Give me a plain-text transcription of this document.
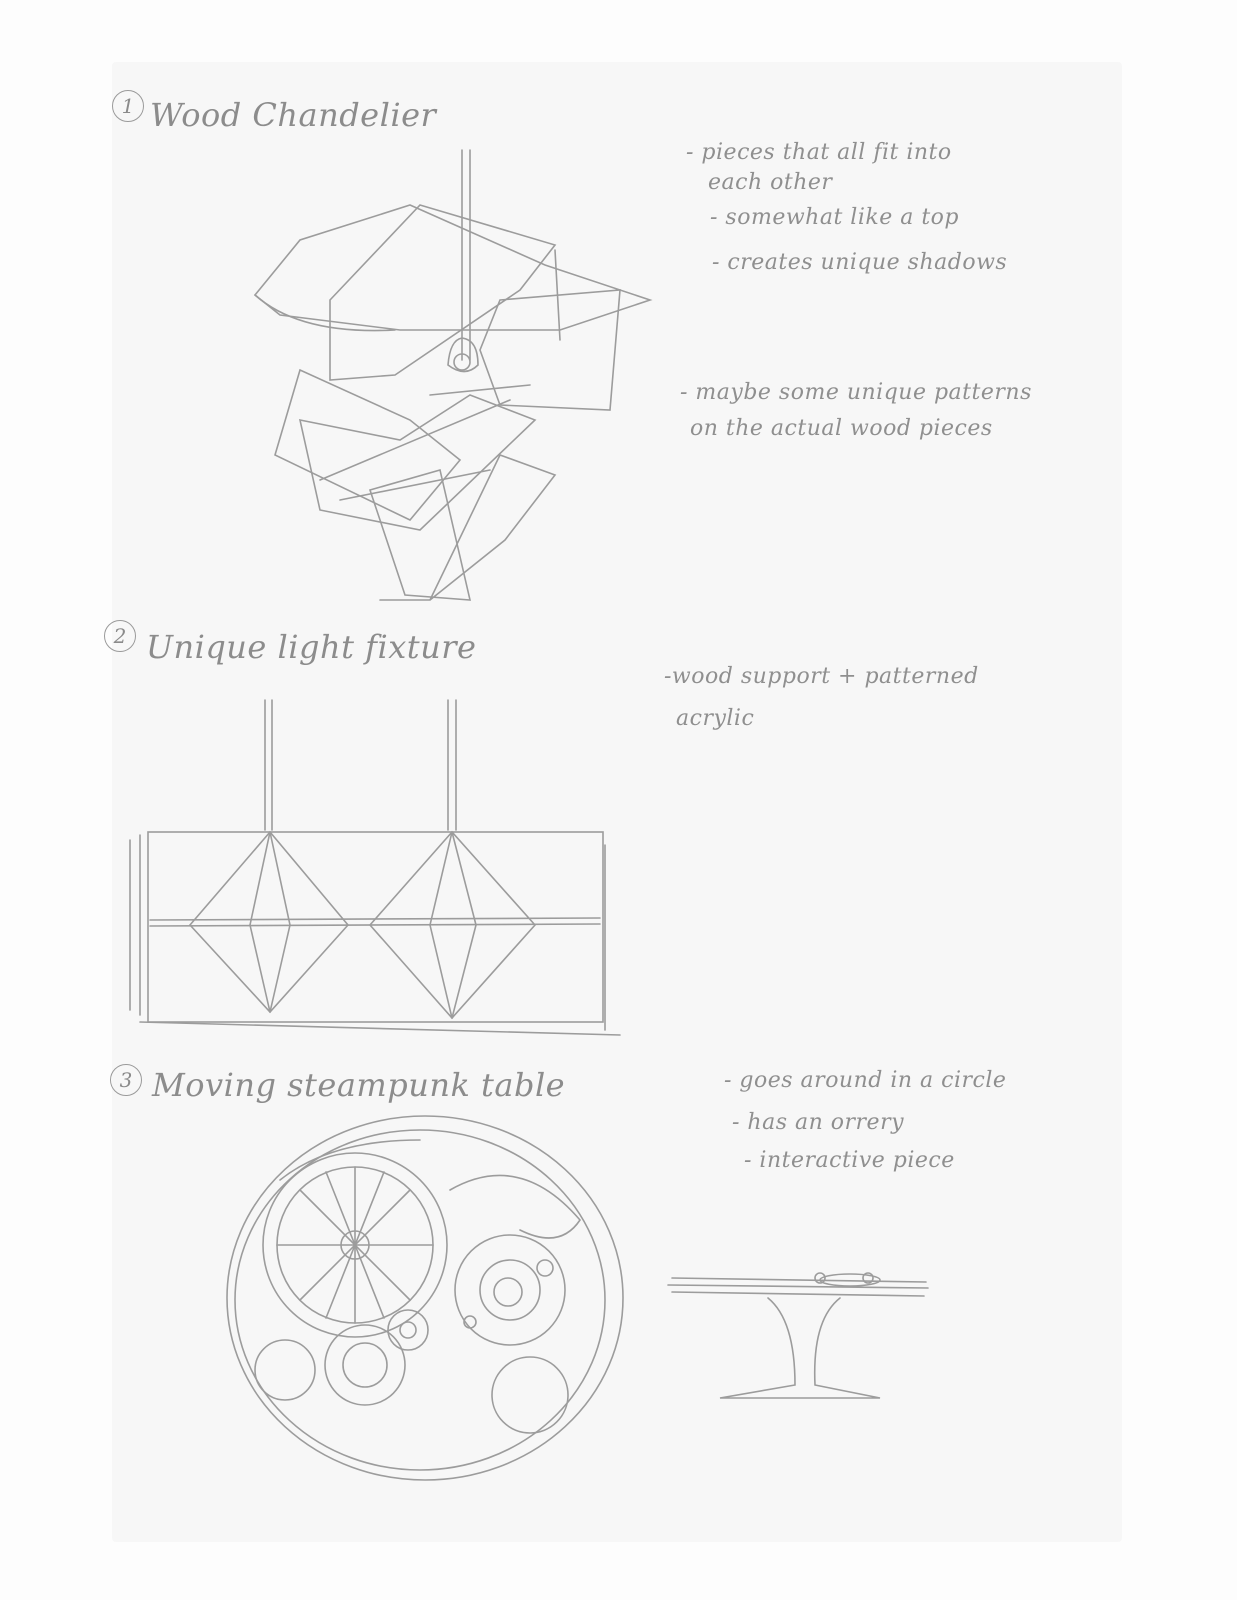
1 Wood Chandelier
- pieces that all fit into
each other
- somewhat like a top
- creates unique shadows
- maybe some unique patterns
on the actual wood pieces
2 Unique light fixture
-wood support + patterned
acrylic
3 Moving steampunk table	- goes around in a circle
- has an orrery
- interactive piece
